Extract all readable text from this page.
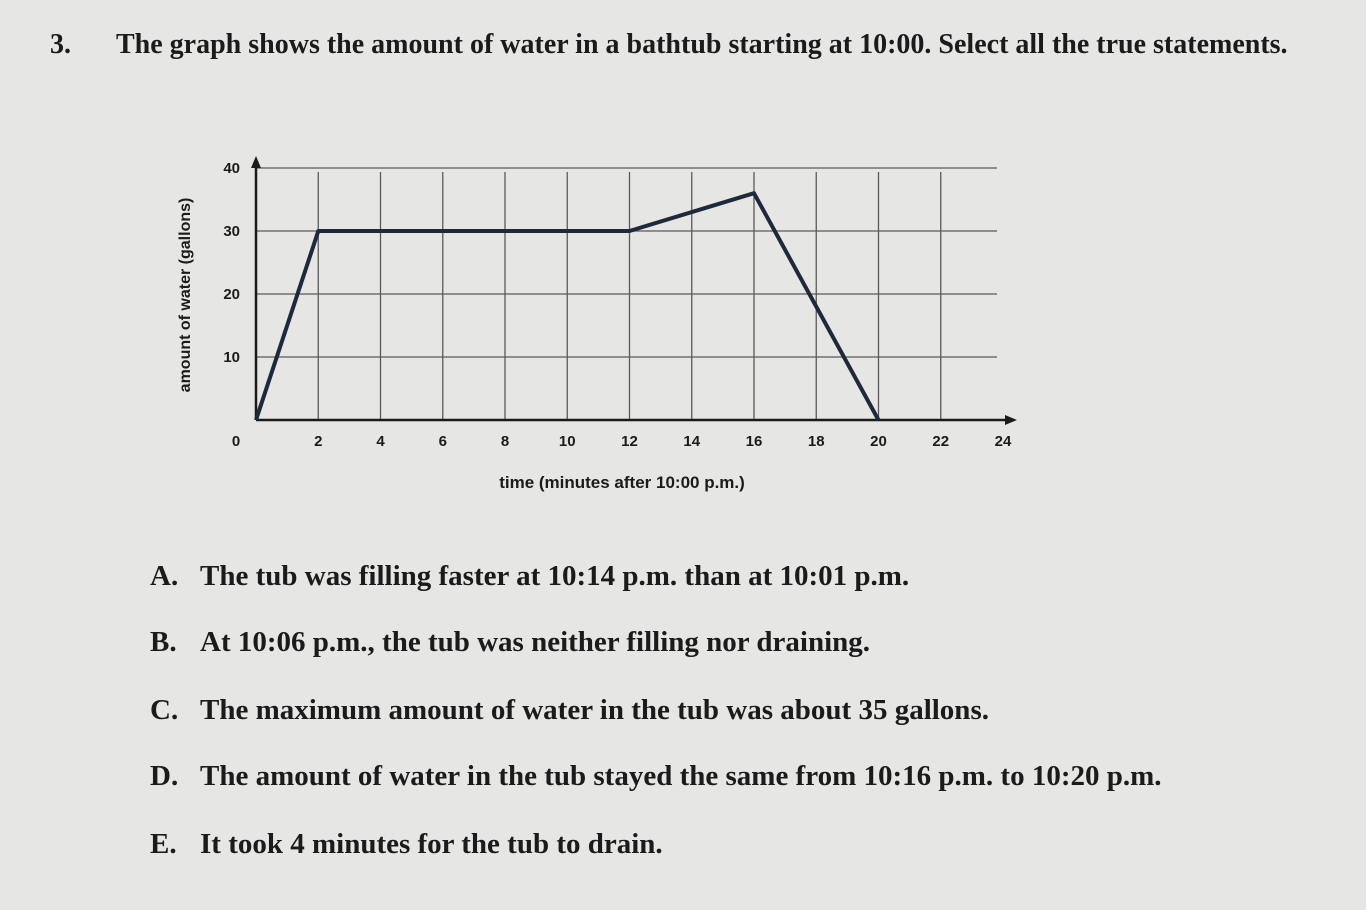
3. The graph shows the amount of water in a bathtub starting at 10:00. Select all the true statements.
0	2	4	6	8	10	12	14	16	18	20	22	24
10
20
30
40
time (minutes after 10:00 p.m.)
amount of water (gallons)
A. The tub was filling faster at 10:14 p.m. than at 10:01 p.m.
B. At 10:06 p.m., the tub was neither filling nor draining.
C. The maximum amount of water in the tub was about 35 gallons.
D. The amount of water in the tub stayed the same from 10:16 p.m. to 10:20 p.m.
E. It took 4 minutes for the tub to drain.
